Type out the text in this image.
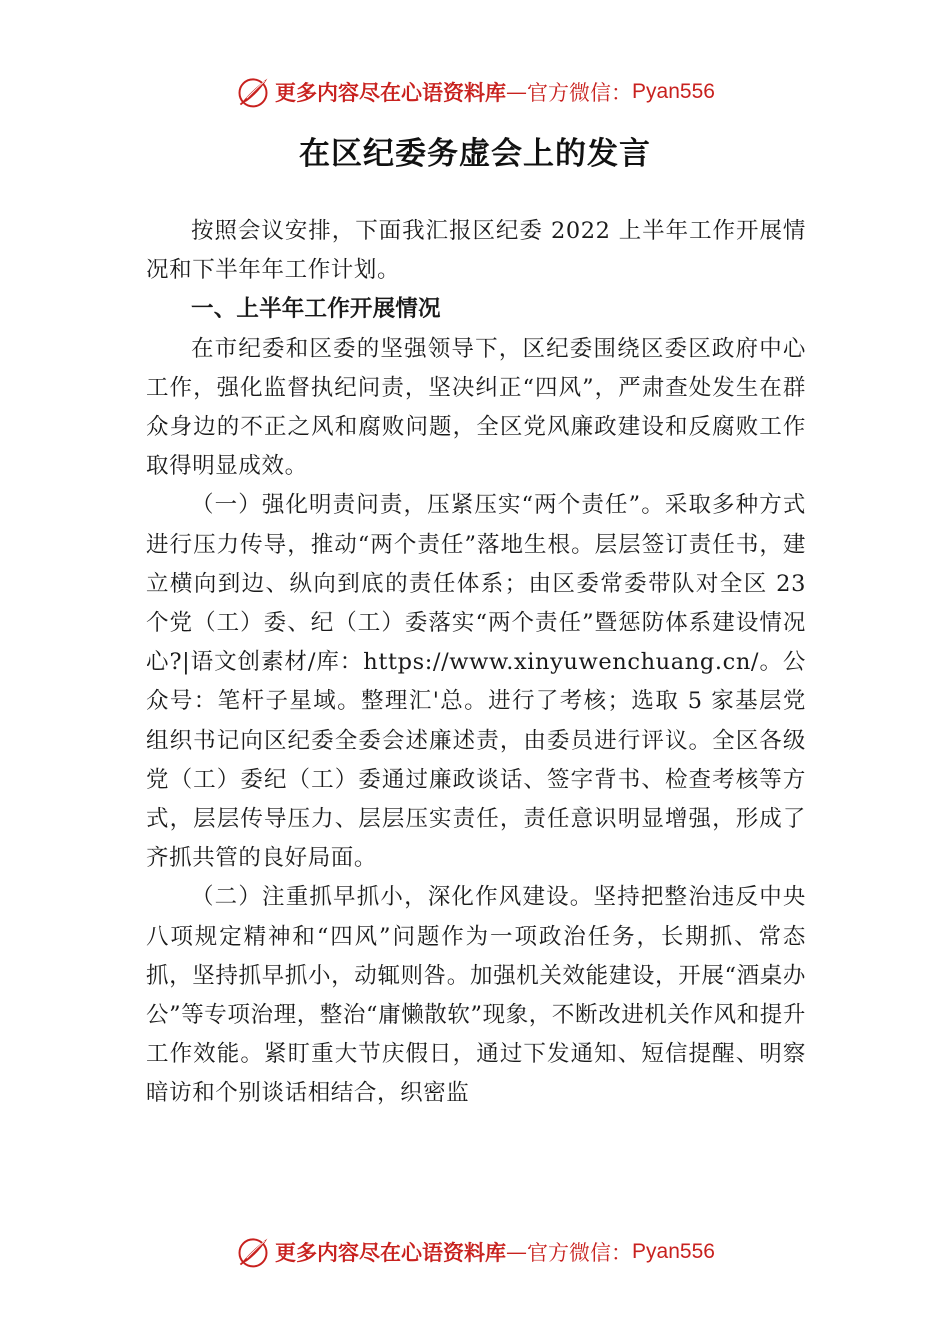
更多内容尽在心语资料库 — 官方微信： Pyan556
在区纪委务虚会上的发言

按照会议安排，下面我汇报区纪委 2022 上半年工作开展情况和下半年年工作计划。

一、上半年工作开展情况

在市纪委和区委的坚强领导下，区纪委围绕区委区政府中心工作，强化监督执纪问责，坚决纠正“四风”，严肃查处发生在群众身边的不正之风和腐败问题，全区党风廉政建设和反腐败工作取得明显成效。

（一）强化明责问责，压紧压实“两个责任”。采取多种方式进行压力传导，推动“两个责任”落地生根。层层签订责任书，建立横向到边、纵向到底的责任体系；由区委常委带队对全区 23 个党（工）委、纪（工）委落实“两个责任”暨惩防体系建设情况心?|语文创素材/库：https://www.xinyuwenchuang.cn/。公众号：笔杆子星域。整理汇'总。进行了考核；选取 5 家基层党组织书记向区纪委全委会述廉述责，由委员进行评议。全区各级党（工）委纪（工）委通过廉政谈话、签字背书、检查考核等方式，层层传导压力、层层压实责任，责任意识明显增强，形成了齐抓共管的良好局面。

（二）注重抓早抓小，深化作风建设。坚持把整治违反中央八项规定精神和“四风”问题作为一项政治任务，长期抓、常态抓，坚持抓早抓小，动辄则咎。加强机关效能建设，开展“酒桌办公”等专项治理，整治“庸懒散软”现象，不断改进机关作风和提升工作效能。紧盯重大节庆假日，通过下发通知、短信提醒、明察暗访和个别谈话相结合，织密监

更多内容尽在心语资料库 — 官方微信： Pyan556
